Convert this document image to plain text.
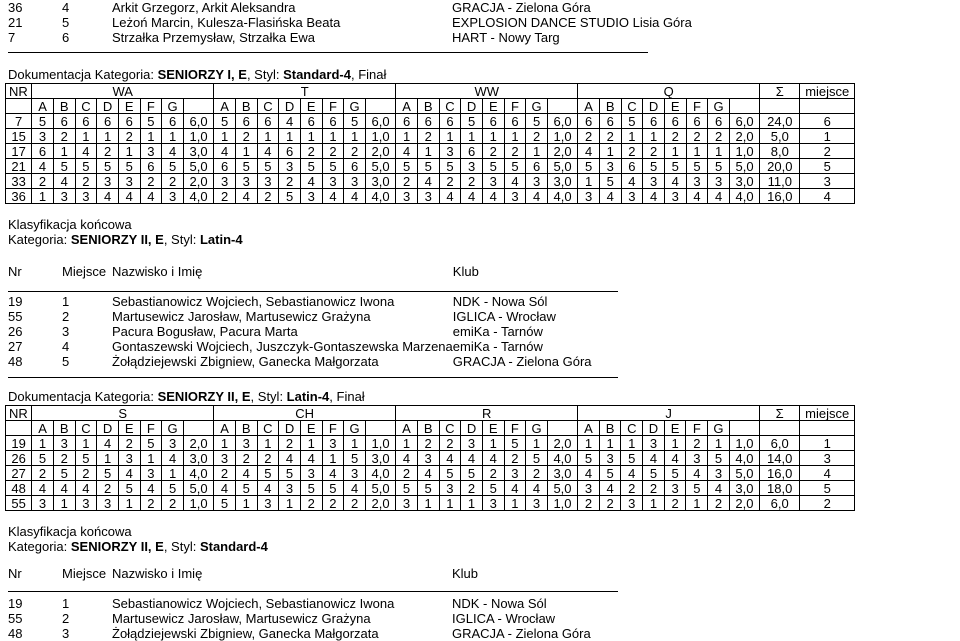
36	4	Arkit Grzegorz, Arkit Aleksandra	GRACJA - Zielona Góra
21	5	Leżoń Marcin, Kulesza-Flasińska Beata	EXPLOSION DANCE STUDIO Lisia Góra
7	6	Strzałka Przemysław, Strzałka Ewa	HART - Nowy Targ
Dokumentacja Kategoria: SENIORZY I, E, Styl: Standard-4, Finał
NR	WA								T								WW								Q								Σ	miejsce
	A	B	C	D	E	F	G		A	B	C	D	E	F	G		A	B	C	D	E	F	G		A	B	C	D	E	F	G			
7	5	6	6	6	6	5	6	6,0	5	6	6	4	6	6	5	6,0	6	6	6	5	6	6	5	6,0	6	6	5	6	6	6	6	6,0	24,0	6
15	3	2	1	1	2	1	1	1,0	1	2	1	1	1	1	1	1,0	1	2	1	1	1	1	2	1,0	2	2	1	1	2	2	2	2,0	5,0	1
17	6	1	4	2	1	3	4	3,0	4	1	4	6	2	2	2	2,0	4	1	3	6	2	2	1	2,0	4	1	2	2	1	1	1	1,0	8,0	2
21	4	5	5	5	5	6	5	5,0	6	5	5	3	5	5	6	5,0	5	5	5	3	5	5	6	5,0	5	3	6	5	5	5	5	5,0	20,0	5
33	2	4	2	3	3	2	2	2,0	3	3	3	2	4	3	3	3,0	2	4	2	2	3	4	3	3,0	1	5	4	3	4	3	3	3,0	11,0	3
36	1	3	3	4	4	4	3	4,0	2	4	2	5	3	4	4	4,0	3	3	4	4	4	3	4	4,0	3	4	3	4	3	4	4	4,0	16,0	4
Klasyfikacja końcowa
Kategoria: SENIORZY II, E, Styl: Latin-4
Nr	Miejsce	Nazwisko i Imię	Klub

19	1	Sebastianowicz Wojciech, Sebastianowicz Iwona	NDK - Nowa Sól
55	2	Martusewicz Jarosław, Martusewicz Grażyna	IGLICA - Wrocław
26	3	Pacura Bogusław, Pacura Marta	emiKa - Tarnów
27	4	Gontaszewski Wojciech, Juszczyk-Gontaszewska Marzena	emiKa - Tarnów
48	5	Żołądziejewski Zbigniew, Ganecka Małgorzata	GRACJA - Zielona Góra
Dokumentacja Kategoria: SENIORZY II, E, Styl: Latin-4, Finał
NR	S								CH								R								J								Σ	miejsce
	A	B	C	D	E	F	G		A	B	C	D	E	F	G		A	B	C	D	E	F	G		A	B	C	D	E	F	G			
19	1	3	1	4	2	5	3	2,0	1	3	1	2	1	3	1	1,0	1	2	2	3	1	5	1	2,0	1	1	1	3	1	2	1	1,0	6,0	1
26	5	2	5	1	3	1	4	3,0	3	2	2	4	4	1	5	3,0	4	3	4	4	4	2	5	4,0	5	3	5	4	4	3	5	4,0	14,0	3
27	2	5	2	5	4	3	1	4,0	2	4	5	5	3	4	3	4,0	2	4	5	5	2	3	2	3,0	4	5	4	5	5	4	3	5,0	16,0	4
48	4	4	4	2	5	4	5	5,0	4	5	4	3	5	5	4	5,0	5	5	3	2	5	4	4	5,0	3	4	2	2	3	5	4	3,0	18,0	5
55	3	1	3	3	1	2	2	1,0	5	1	3	1	2	2	2	2,0	3	1	1	1	3	1	3	1,0	2	2	3	1	2	1	2	2,0	6,0	2
Klasyfikacja końcowa
Kategoria: SENIORZY II, E, Styl: Standard-4
Nr	Miejsce	Nazwisko i Imię	Klub

19	1	Sebastianowicz Wojciech, Sebastianowicz Iwona	NDK - Nowa Sól
55	2	Martusewicz Jarosław, Martusewicz Grażyna	IGLICA - Wrocław
48	3	Żołądziejewski Zbigniew, Ganecka Małgorzata	GRACJA - Zielona Góra
